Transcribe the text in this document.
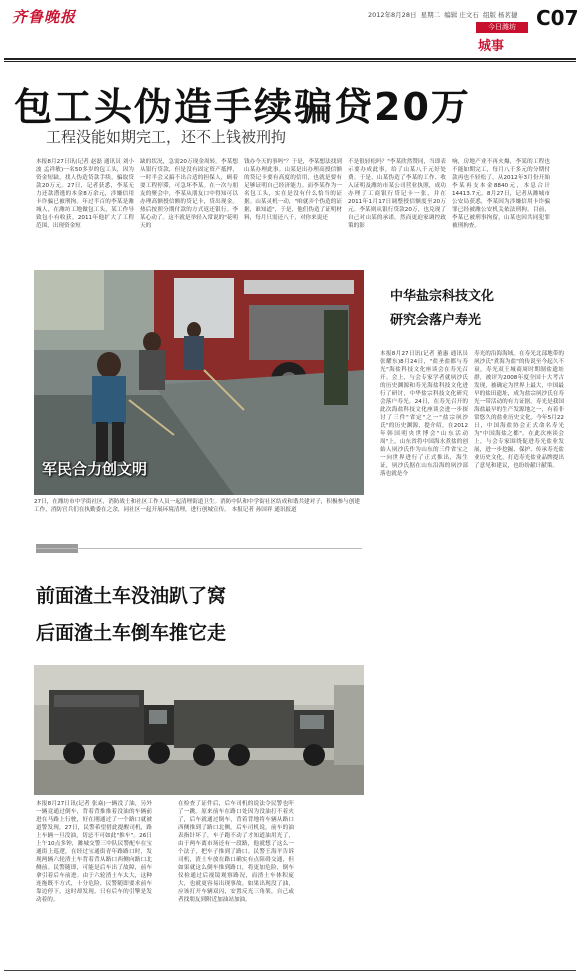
齐鲁晚报	2012年8月28日 星期二 编辑 庄文石 组版 杨茗捷
今日潍坊
城事
C07
包工头伪造手续骗贷20万
工程没能如期完工，还不上钱被刑拘
本报8月27日讯(记者 赵磊 通讯员 刘小波 孟祥敏)一名50多岁的包工头，因为资金短缺，找人伪造贷款手续，骗取贷款20万元。27日，记者获悉，李某无力还款潜逃的本金8万余元，涉嫌信用卡诈骗已被刑拘。年过半百的李某是潍城人，在潍坊工地做包工头，某工作导致包小有收获。2011年他扩大了工程范围，出现资金短
缺的状况，急需20万现金周转。李某想从银行贷款，但是没有固定资产抵押，一时半会又搞不出合适的担保人，顾着耍工程停滞，可急坏李某。在一次与朋友的聚会中，李某从朋友口中得知可以办理高额授信额的贷记卡，贷出现金。热后按照分期付款的方式返还银行。李某心动了。这不就是举轻入常说的"花明天的
钱办今天的事吗"？于是，李某想法找到山某办理此事。山某是出办理高授信额的贷记卡要有高度的信用，也就是要有足够证明自己经济能力。而李某作为一名包工头，实在是没有什么恰当的证据。山某灵机一动，"咱就弄个伪造的证据，谁知道"，于是，他们伪造了证明材料，每月只需还八千，对你来说还
不是很轻松吗？"李某欣然赞同，当即表示要办成此事，给了山某八千元好处费。于是，山某伪造了李某的工作、收入证明及潍坊市某公司营业执照，成功办理了工商银行贷记卡一张，并在2011年1月17日调整授信额度至20万元。李某则从银行贷款20万，也兑现了自己对山某的承诺。然而更迫家调控政策的影
响，房地产业不再火爆，李某的工程也不能如期完工，每月八千多元的分期付款再也不轻松了。从2012年3月份开始李某再支本金8840元，本息合计14413.7元。8月27日，记者从潍城市公安局获悉，李某因为涉嫌信用卡诈骗罪已经被潍公安机关依法刑拘。目前，李某已被刑事拘留，山某也因共同犯罪被刑拘查。
军民合力创文明
27日，在潍坊市中学街社区，消防战士和社区工作人员一起清理街道卫生。消防中队和中学街社区结成和谐共建对子，积极参与创建工作，消防官兵们在执勤委在之余，同社区一起开展环境清理，进行创城宣传。 本报记者 孙国祥 通讯报道
中华盐宗科技文化
研究会落户寿光
本报8月27日讯(记者 董惠 通讯员 张耀东)8月24日，"盐圣盐都与寿光"海盐科技文化座谈会在寿光召开。会上，与会专家学者就夙沙氏的历史渊源和寿光海盐科技文化进行了研讨，中华盐宗科技文化研究会落户寿光。24日，在寿光召开的此次海盐科技文化座谈会进一步探讨了三件"省定"之一"盐宗夙沙氏"的历史渊源，提介绍，在2012年韩国明央世博会"山东活动周"上，山东省将中国海水煮盐的创始人夙沙氏作为山东的三件省宝之一向世界进行了正式推出，海生证，夙沙氏据在山东沿海的夙沙部落也就是今
寿光的沿海海域。在寿光北部地带的夙沙氏"煮海为盐"的传说至今起久不衰，寿光双王城商周时期制盐遗址群，被评为2008年度全国十大考古发现，被确定为世界上最大，中国最早的盐田遗址，成为盐宗夙沙氏在寿光一带活动的有力证据。寿光是我国海盐最早的生产发源地之一，有着非常悠久的盐业历史文化。今年5月22日，中国海盐协会正式命名寿光为"中国海盐之都"。在此次座谈会上，与会专家围绕促进寿光盐业发展，进一步挖掘、保护、传承寿光盐业历史文化，打造寿光盐业品牌提出了意见和建议，也纷纷献计献策。
前面渣土车没油趴了窝
后面渣土车倒车推它走
本报8月27日讯(记者 张焱)一辆没了油，另外一辆竟通过倒车，背着背推推着没油的车辆前进在马路上行驶，好在刚通过了一个路口就被道警发现。27日，民警希望借此提醒司机，路上车辆一旦没油，切忌不可如此"推车"。26日上午10点多钟，潍城交警三中队民警配车在宝通街上巡逻，在经过宝通街青年路路口时，发现两辆六轮渣土车背着背从路口西侧向路口北侧前。民警随即，可能是后车出了故障，前车拿引着后车前进。由于六轮渣土车太大，这种连拖既不方式，十分危险，民警随即要求前车靠边停下。这时却发现，只有后车的引擎是发动着的。
在检查了证件后，后车司机的说法令民警也吓了一跳。原来前车在路口处因为没油打不着火了，后车就通过倒车，背着背地将车辆从路口西侧推到了路口北侧。后车司机说，前车的油表指针坏了，车子跑不动了才知道油用光了，由于两车离市场还有一段路，他就想了这么一个法子，把车子推到了路口。民警王海平告诉司机，渣土车放在路口确实有点阻碍交通，但如果就这么倒车推到路口，将更加危险，倒车仪检通过后视镜观察路况，而渣土车体积庞大，也就更容易出现事故。如果出现没了油，应该打开车辆双闪，安置反光三角架，自己或者找朋友到附近加油站加油。
